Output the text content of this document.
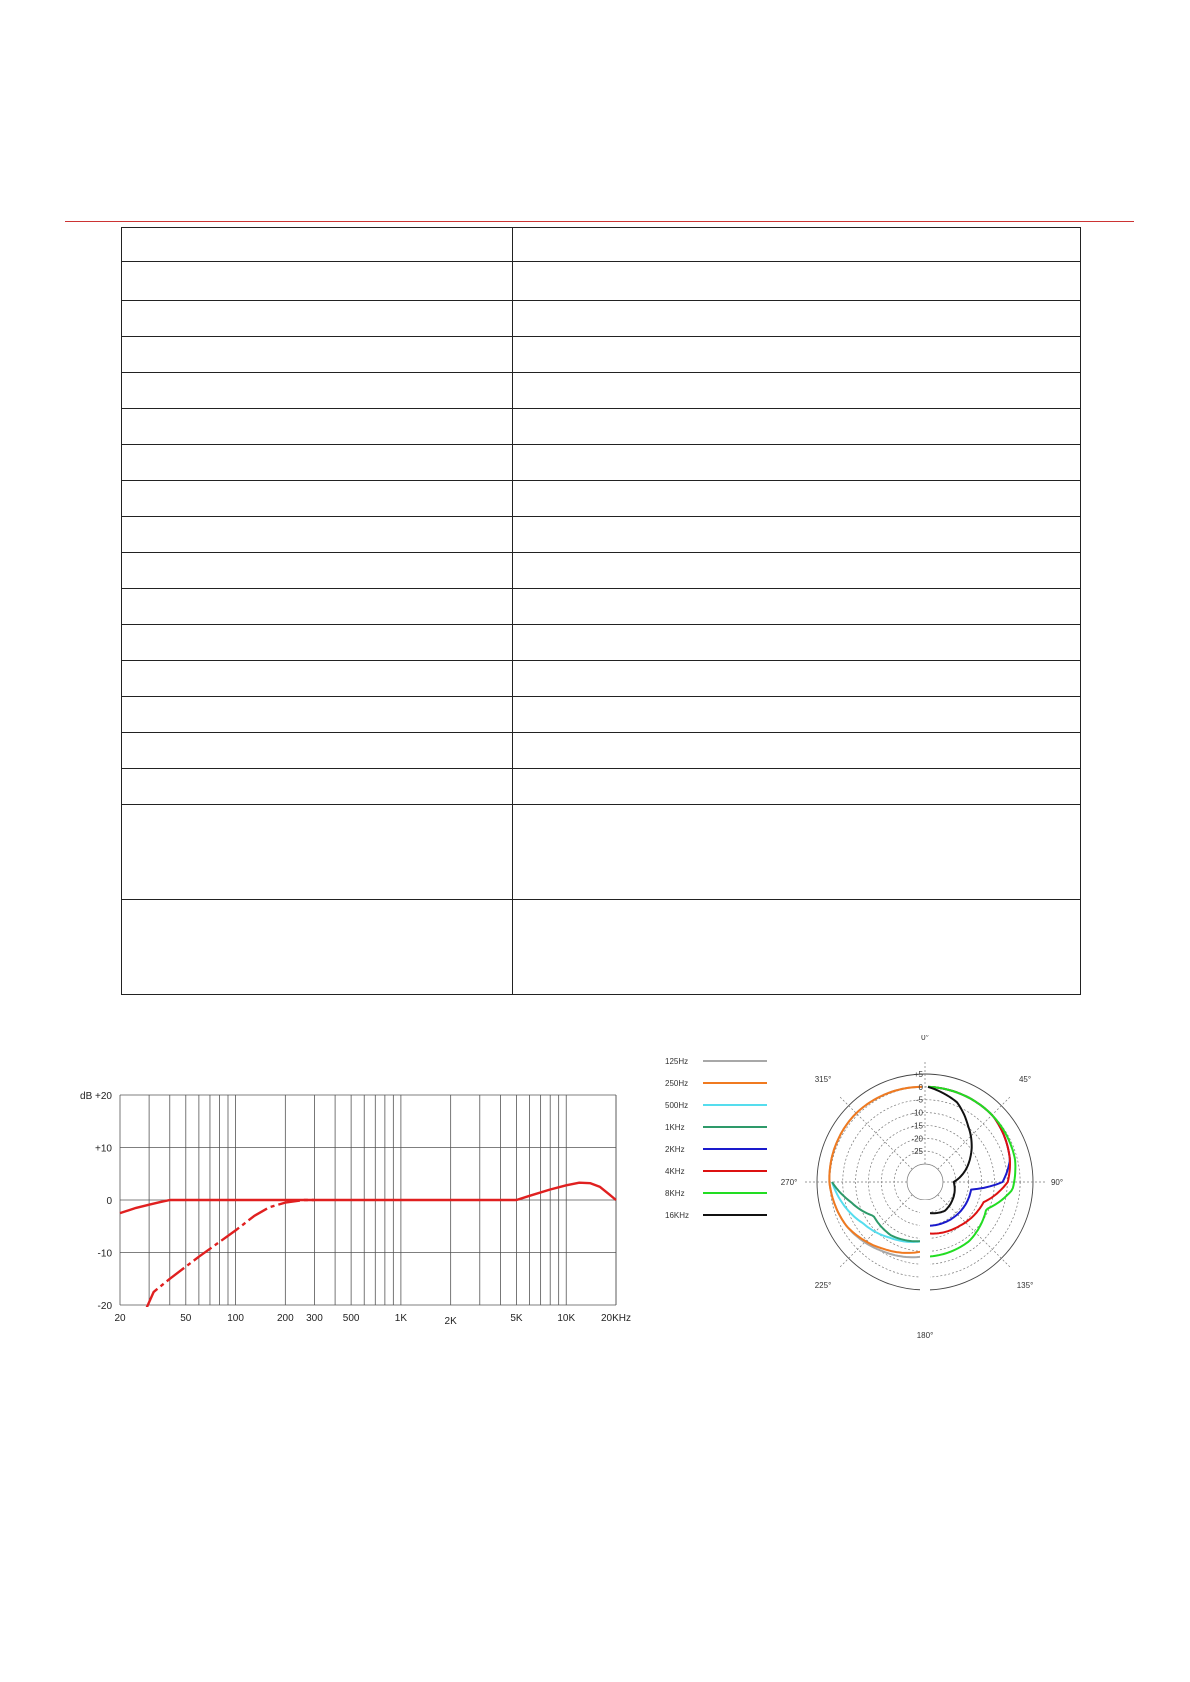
dB +20
+10
0
-10
-20
20	50	100	200 300 500	1K	2K	5K	10K	20KHz
+5
0
-5
-10
-15
-20
-25
0°
45°
90°
135°
180°
225°
270°
315°
125Hz
250Hz
500Hz
1KHz
2KHz
4KHz
8KHz
16KHz
